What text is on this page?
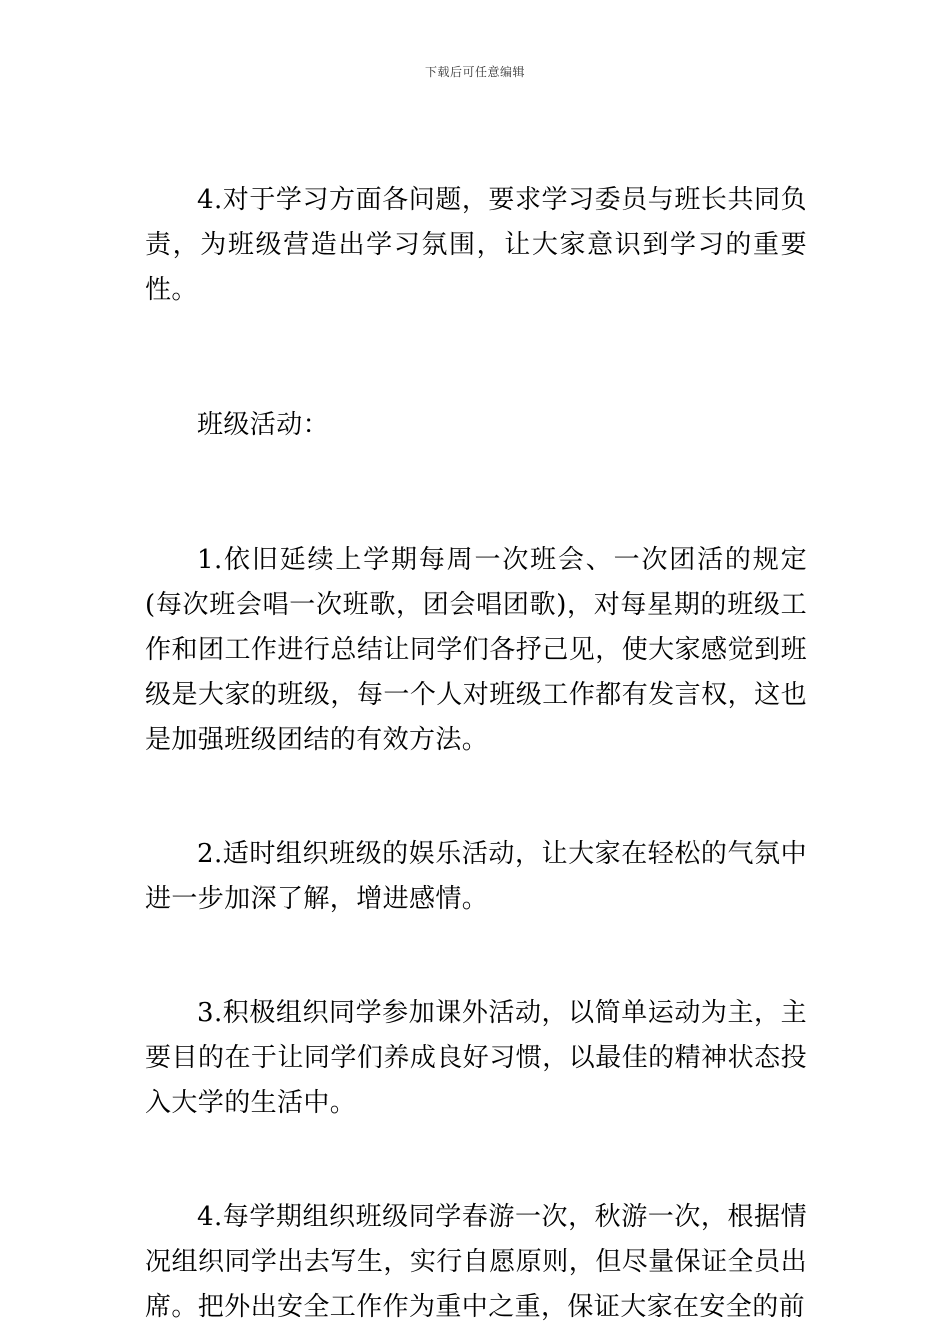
下载后可任意编辑

4.对于学习方面各问题，要求学习委员与班长共同负责，为班级营造出学习氛围，让大家意识到学习的重要性。

班级活动：

1.依旧延续上学期每周一次班会、一次团活的规定(每次班会唱一次班歌，团会唱团歌)，对每星期的班级工作和团工作进行总结让同学们各抒己见，使大家感觉到班级是大家的班级，每一个人对班级工作都有发言权，这也是加强班级团结的有效方法。

2.适时组织班级的娱乐活动，让大家在轻松的气氛中进一步加深了解，增进感情。

3.积极组织同学参加课外活动，以简单运动为主，主要目的在于让同学们养成良好习惯，以最佳的精神状态投入大学的生活中。

4.每学期组织班级同学春游一次，秋游一次，根据情况组织同学出去写生，实行自愿原则，但尽量保证全员出席。把外出安全工作作为重中之重，保证大家在安全的前
